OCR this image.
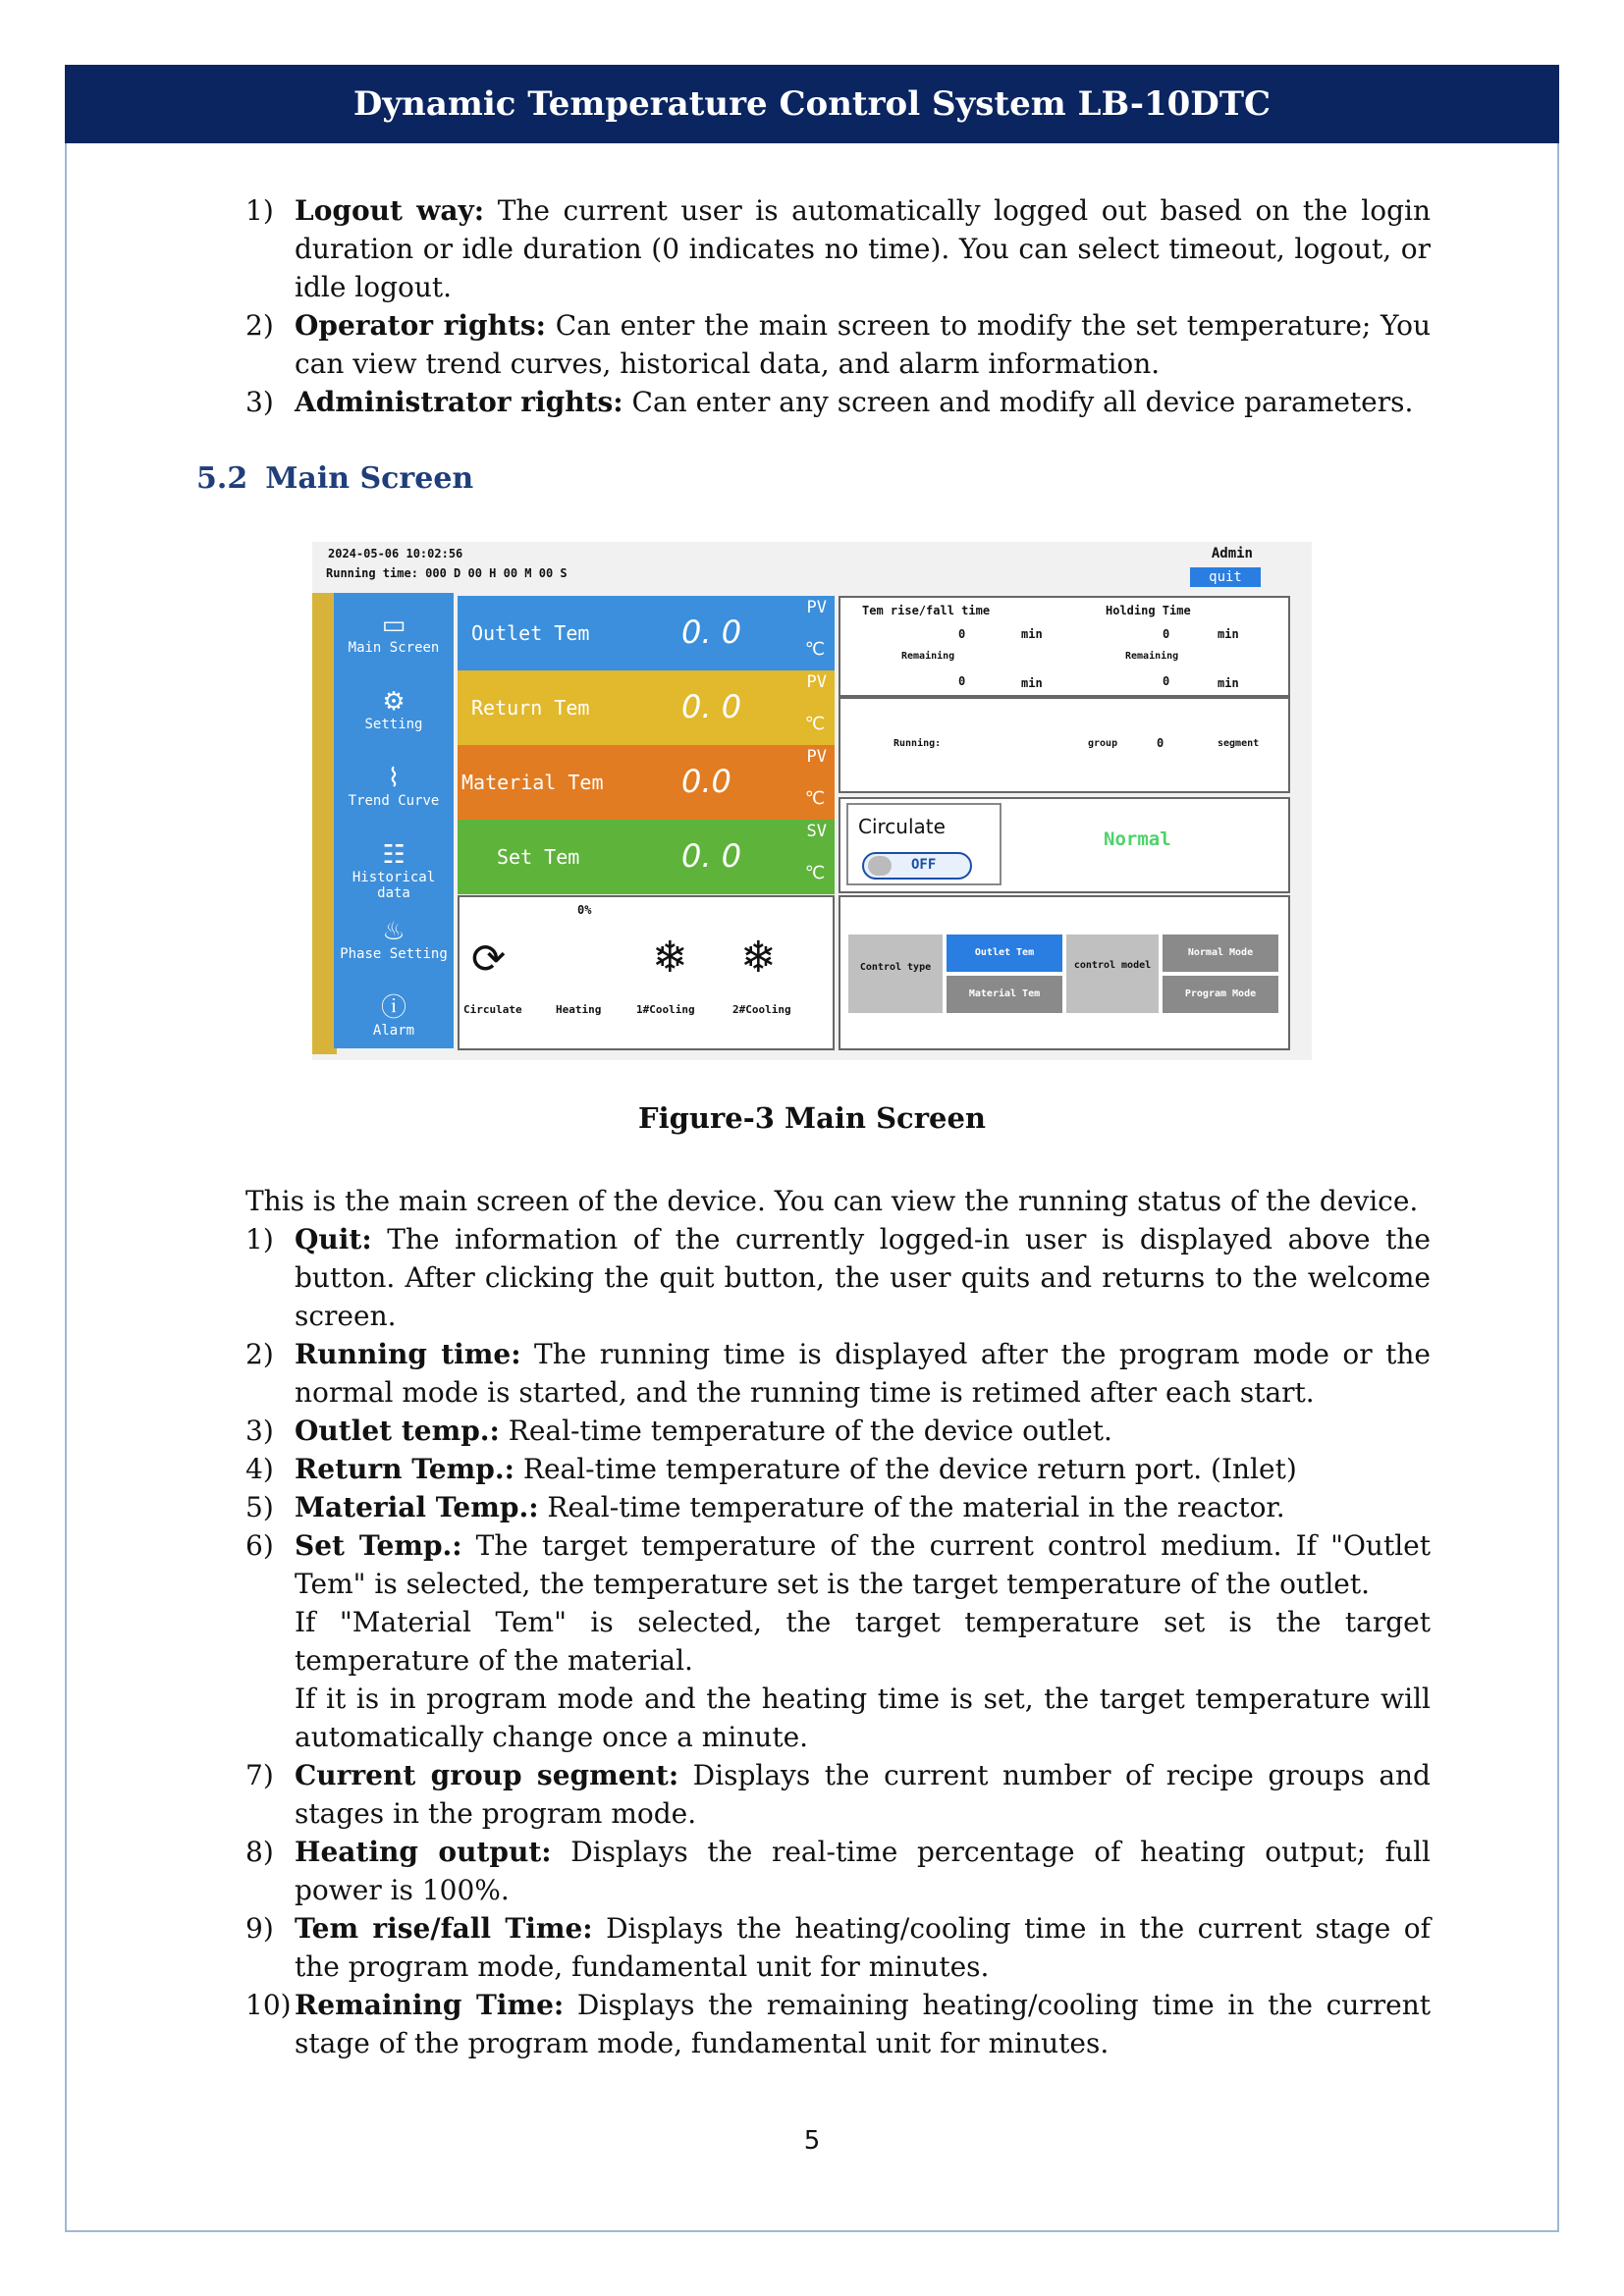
Dynamic Temperature Control System LB-10DTC
1) Logout way: The current user is automatically logged out based on the login duration or idle duration (0 indicates no time). You can select timeout, logout, or idle logout.

2) Operator rights: Can enter the main screen to modify the set temperature; You can view trend curves, historical data, and alarm information.

3) Administrator rights: Can enter any screen and modify all device parameters.

5.2 Main Screen
2024-05-06 10:02:56
Running time: 000 D 00 H 00 M 00 S
Admin
quit
▭
Main Screen
⚙
Setting
⌇
Trend Curve
☷
Historical data
♨
Phase Setting
ⓘ
Alarm
Outlet Tem	0. 0
PV
℃
Return Tem	0. 0
PV
℃
Material Tem 0.0
PV
℃
Set Tem	0. 0
SV
℃
0%
⟳	❄ ❄
Circulate	Heating	1#Cooling	2#Cooling
Tem rise/fall time	Holding Time
0	min	0	min
Remaining	Remaining
0	min	0	min
Running:	group	0	segment
Circulate
OFF
Normal
Control type
Outlet Tem
Material Tem
control model
Normal Mode
Program Mode
Figure-3 Main Screen

This is the main screen of the device. You can view the running status of the device.

1) Quit: The information of the currently logged-in user is displayed above the button. After clicking the quit button, the user quits and returns to the welcome screen.

2) Running time: The running time is displayed after the program mode or the normal mode is started, and the running time is retimed after each start.

3) Outlet temp.: Real-time temperature of the device outlet.

4) Return Temp.: Real-time temperature of the device return port. (Inlet)

5) Material Temp.: Real-time temperature of the material in the reactor.

6) Set Temp.: The target temperature of the current control medium. If "Outlet Tem" is selected, the temperature set is the target temperature of the outlet.

If "Material Tem" is selected, the target temperature set is the target temperature of the material.

If it is in program mode and the heating time is set, the target temperature will automatically change once a minute.

7) Current group segment: Displays the current number of recipe groups and stages in the program mode.

8) Heating output: Displays the real-time percentage of heating output; full power is 100%.

9) Tem rise/fall Time: Displays the heating/cooling time in the current stage of the program mode, fundamental unit for minutes.

10) Remaining Time: Displays the remaining heating/cooling time in the current stage of the program mode, fundamental unit for minutes.

5
